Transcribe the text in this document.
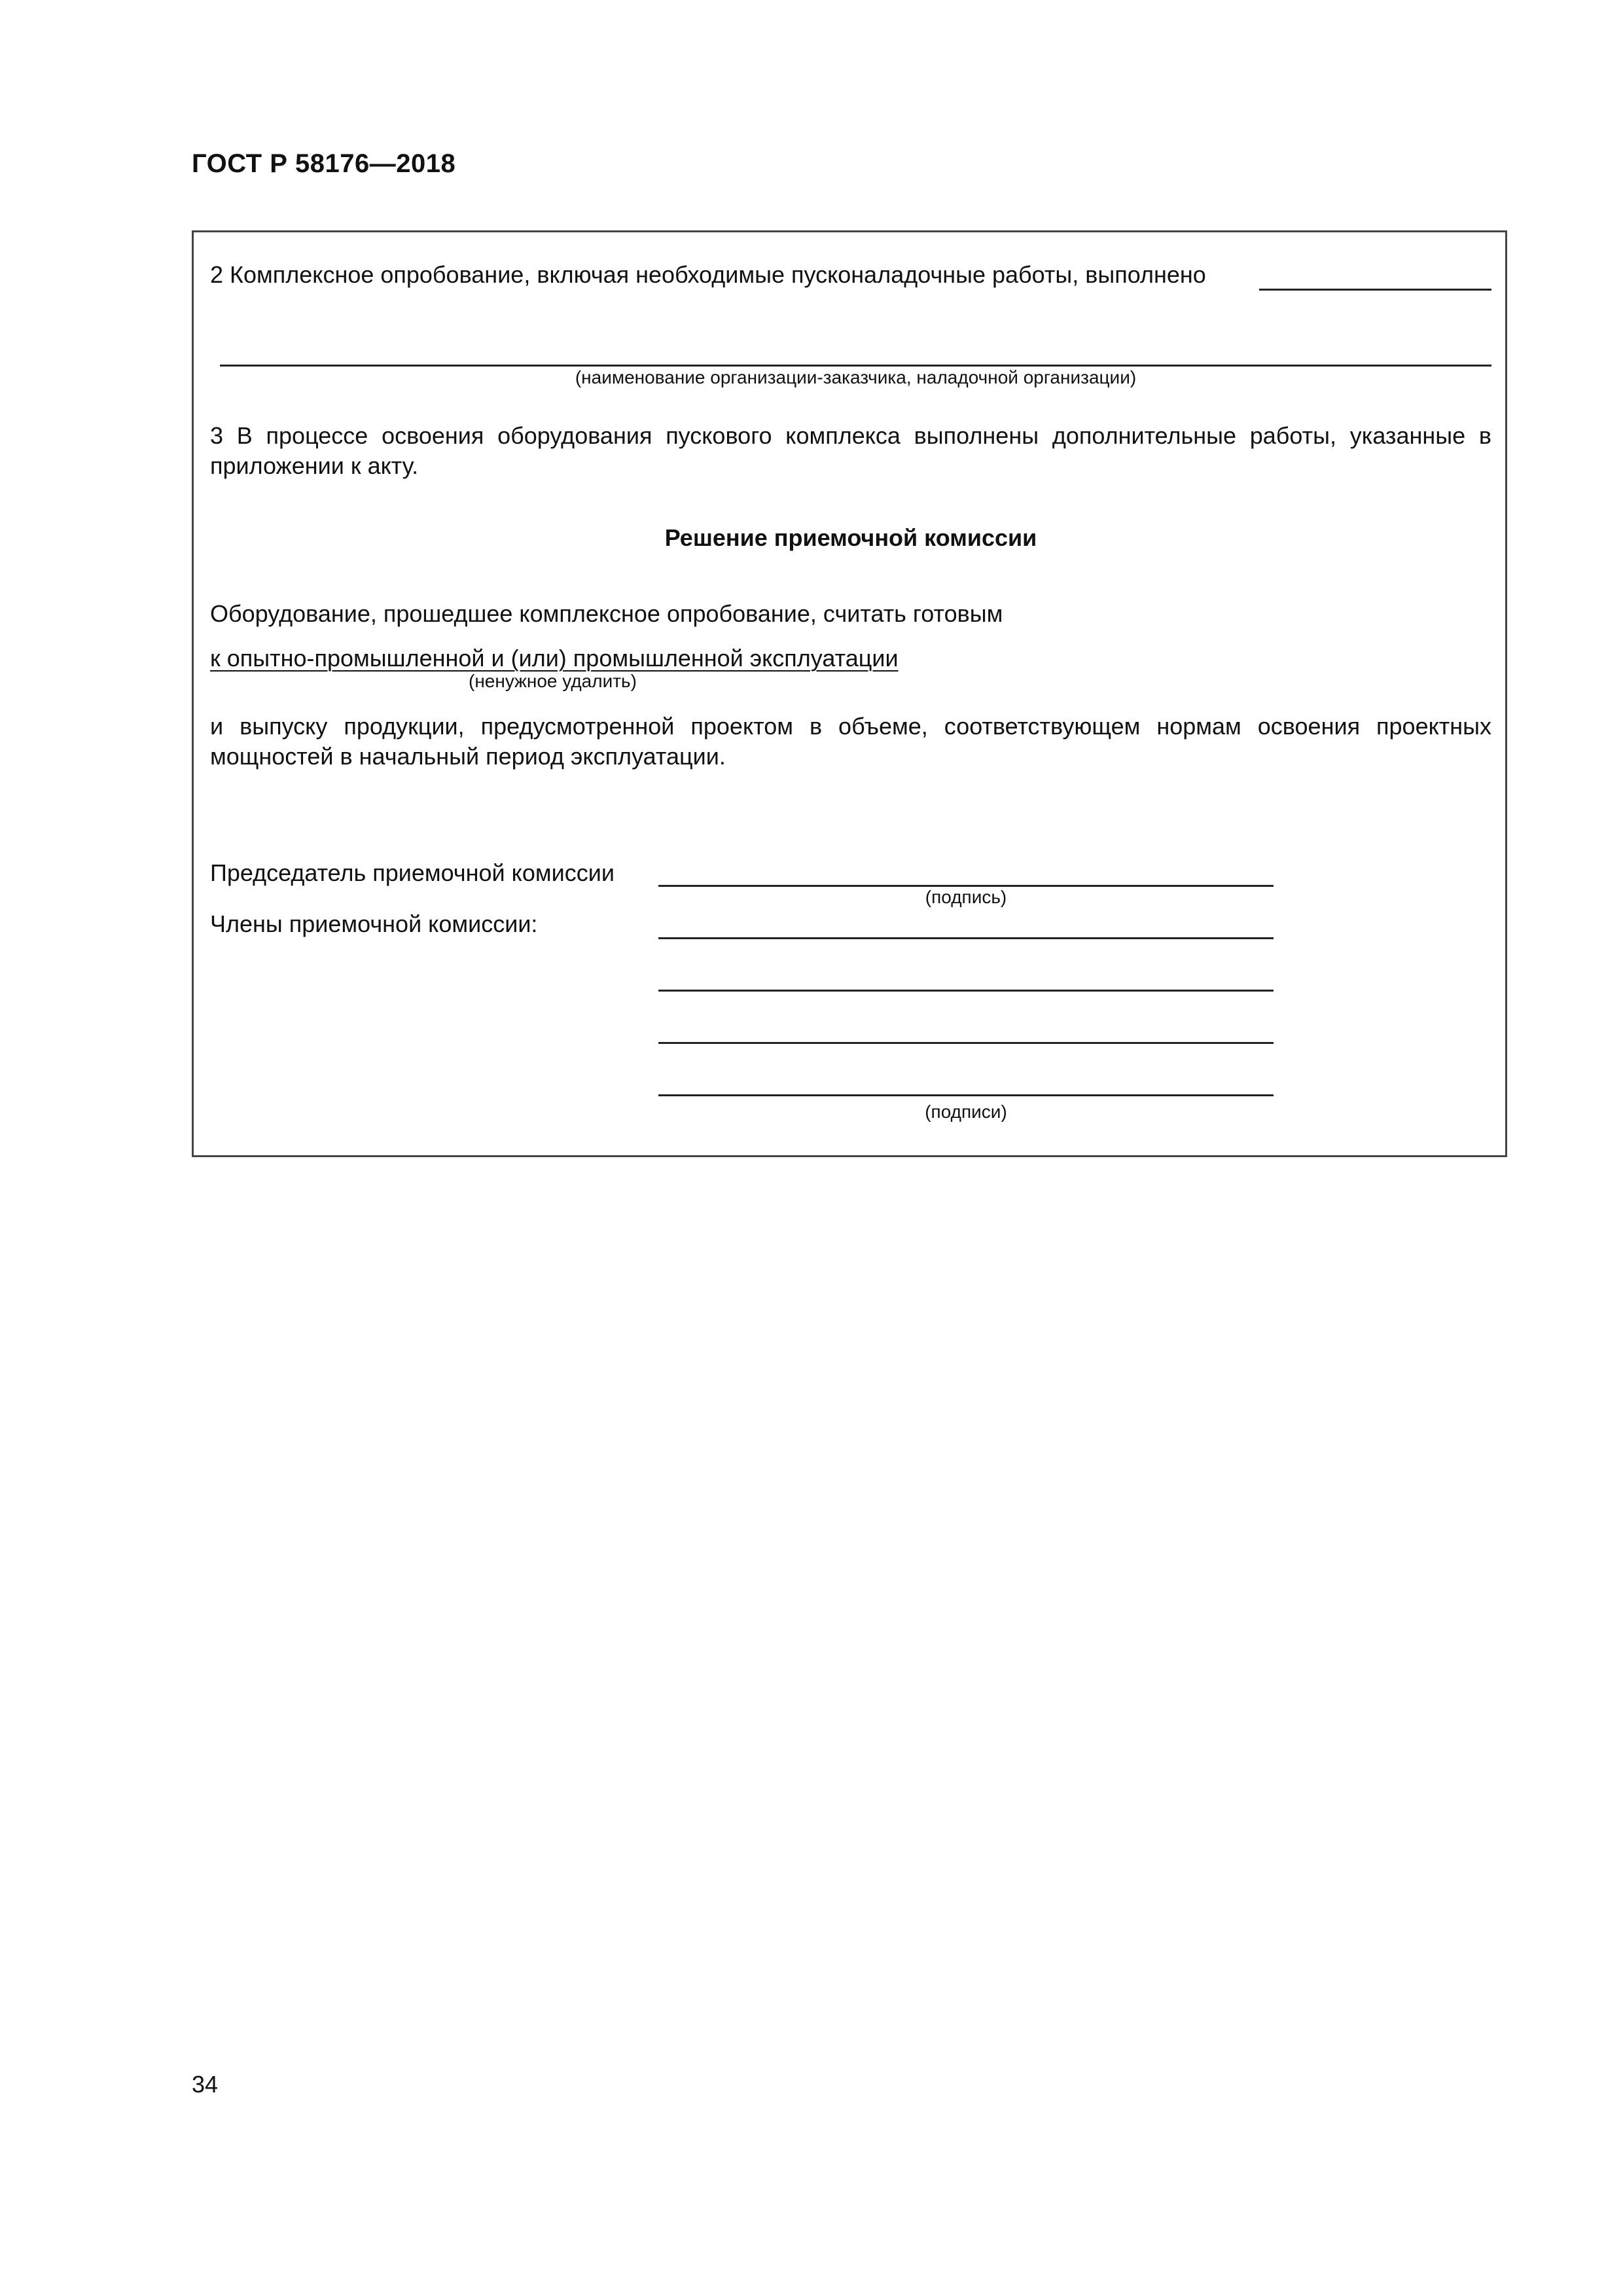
ГОСТ Р 58176—2018
2 Комплексное опробование, включая необходимые пусконаладочные работы, выполнено
(наименование организации-заказчика, наладочной организации)
3 В процессе освоения оборудования пускового комплекса выполнены дополнительные работы, указанные в приложении к акту.
Решение приемочной комиссии
Оборудование, прошедшее комплексное опробование, считать готовым
к опытно-промышленной и (или) промышленной эксплуатации
(ненужное удалить)
и выпуску продукции, предусмотренной проектом в объеме, соответствующем нормам освоения проектных мощностей в начальный период эксплуатации.
Председатель приемочной комиссии
(подпись)
Члены приемочной комиссии:
(подписи)
34
